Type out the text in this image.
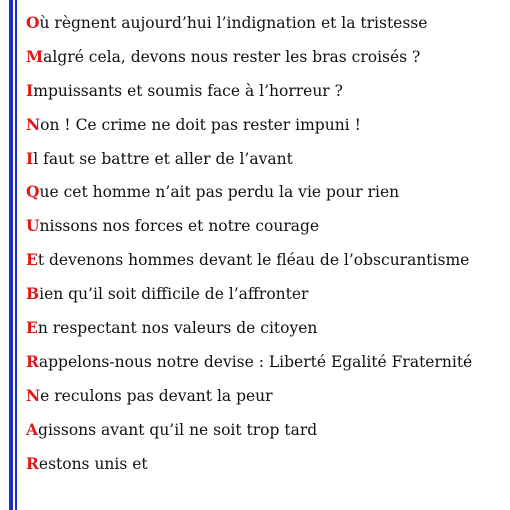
Où règnent aujourd’hui l’indignation et la tristesse
Malgré cela, devons nous rester les bras croisés ?
Impuissants et soumis face à l’horreur ?
Non ! Ce crime ne doit pas rester impuni !
Il faut se battre et aller de l’avant
Que cet homme n’ait pas perdu la vie pour rien
Unissons nos forces et notre courage
Et devenons hommes devant le fléau de l’obscurantisme
Bien qu’il soit difficile de l’affronter
En respectant nos valeurs de citoyen
Rappelons-nous notre devise : Liberté Egalité Fraternité
Ne reculons pas devant la peur
Agissons avant qu’il ne soit trop tard
Restons unis et
